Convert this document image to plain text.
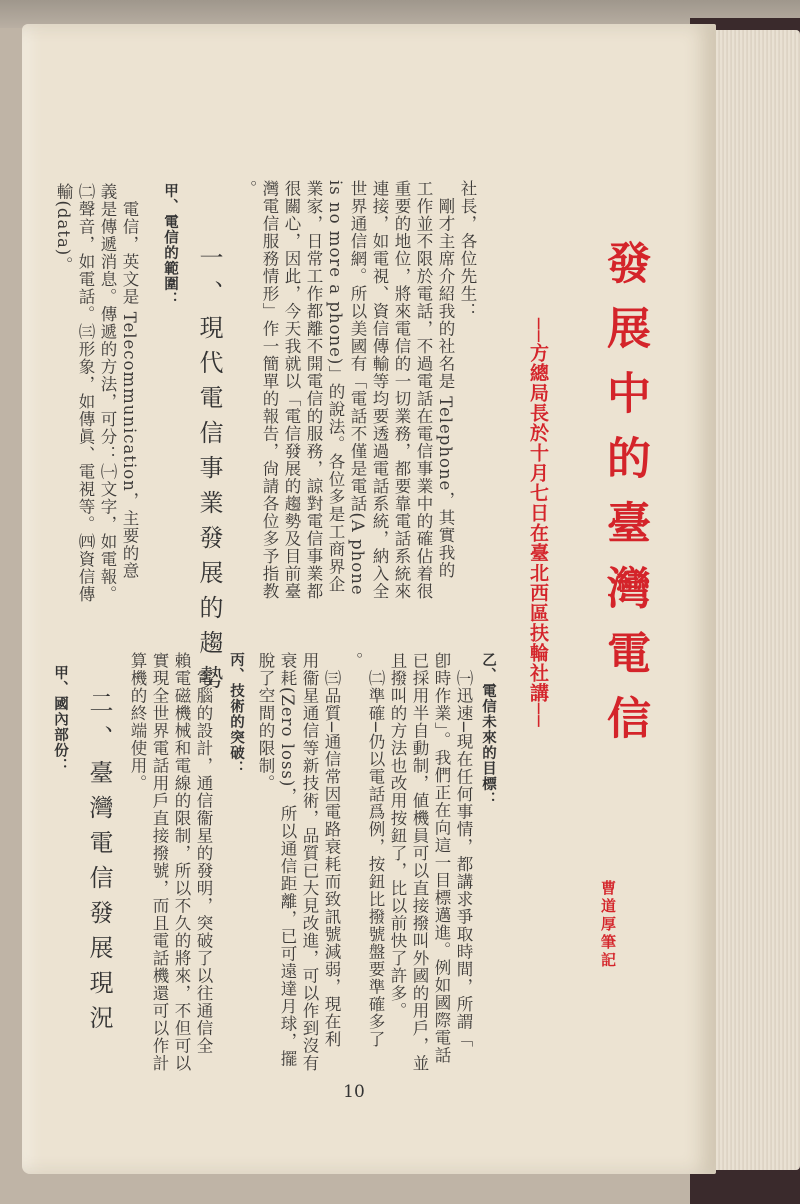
發展中的臺灣電信
──方總局長於十月七日在臺北西區扶輪社講──
曹道厚筆記
社長，各位先生：
　剛才主席介紹我的社名是 Telephone，其實我的
工作並不限於電話，不過電話在電信事業中的確佔着很
重要的地位，將來電信的一切業務，都要靠電話系統來
連接，如電視、資信傳輸等均要透過電話系統，納入全
世界通信網。所以美國有「電話不僅是電話(A phone
is no more a phone)」的說法。各位多是工商界企
業家，日常工作都離不開電信的服務，諒對電信事業都
很關心，因此，今天我就以「電信發展的趨勢及目前臺
灣電信服務情形」作一簡單的報告，尙請各位多予指教
。
一、現代電信事業發展的趨勢
甲、電信的範圍：
　電信，英文是 Telecommunication，主要的意
義是傳遞消息。傳遞的方法，可分：㈠文字，如電報。
㈡聲音，如電話。㈢形象，如傳眞、電視等。㈣資信傳
輸(data)。
乙、電信未來的目標：
　㈠迅速─現在任何事情，都講求爭取時間，所謂「
卽時作業」。我們正在向這一目標邁進。例如國際電話
已採用半自動制，値機員可以直接撥叫外國的用戶，並
且撥叫的方法也改用按鈕了，比以前快了許多。
　㈡準確─仍以電話爲例，按鈕比撥號盤要準確多了
。
　㈢品質─通信常因電路衰耗而致訊號減弱，現在利
用衞星通信等新技術，品質已大見改進，可以作到沒有
衰耗(Zero loss)，所以通信距離，已可遠達月球，擺
脫了空間的限制。
丙、技術的突破：
　電腦的設計，通信衞星的發明，突破了以往通信全
賴電磁機械和電線的限制，所以不久的將來，不但可以
實現全世界電話用戶直接撥號，而且電話機還可以作計
算機的終端使用。
二、臺灣電信發展現況
甲、國內部份：
10
